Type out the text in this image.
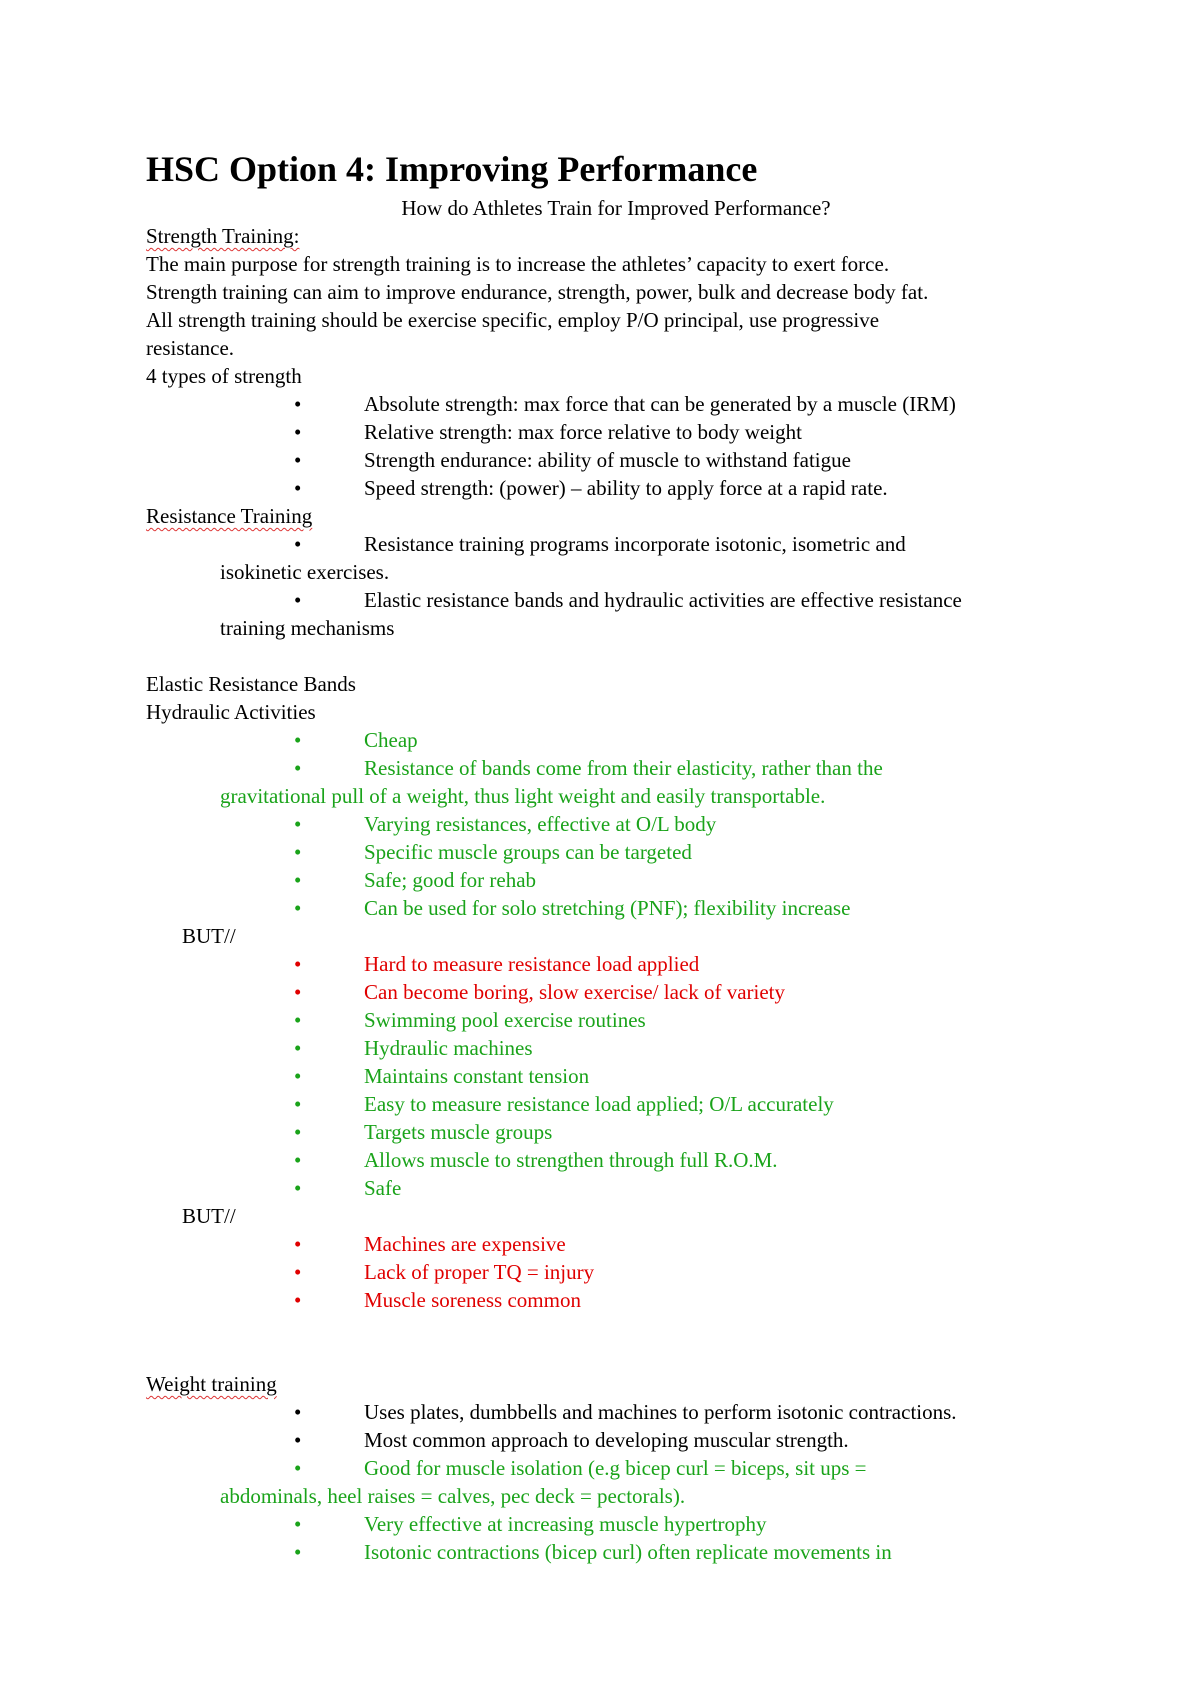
HSC Option 4: Improving Performance

How do Athletes Train for Improved Performance?

Strength Training:

The main purpose for strength training is to increase the athletes’ capacity to exert force.

Strength training can aim to improve endurance, strength, power, bulk and decrease body fat.

All strength training should be exercise specific, employ P/O principal, use progressive

resistance.

4 types of strength

•	Absolute strength: max force that can be generated by a muscle (IRM)
•	Relative strength: max force relative to body weight
•	Strength endurance: ability of muscle to withstand fatigue
•	Speed strength: (power) – ability to apply force at a rapid rate.

Resistance Training

•	Resistance training programs incorporate isotonic, isometric and
isokinetic exercises.
•	Elastic resistance bands and hydraulic activities are effective resistance
training mechanisms

Elastic Resistance Bands

Hydraulic Activities

•	Cheap
•	Resistance of bands come from their elasticity, rather than the
gravitational pull of a weight, thus light weight and easily transportable.
•	Varying resistances, effective at O/L body
•	Specific muscle groups can be targeted
•	Safe; good for rehab
•	Can be used for solo stretching (PNF); flexibility increase

BUT//

•	Hard to measure resistance load applied
•	Can become boring, slow exercise/ lack of variety
•	Swimming pool exercise routines
•	Hydraulic machines
•	Maintains constant tension
•	Easy to measure resistance load applied; O/L accurately
•	Targets muscle groups
•	Allows muscle to strengthen through full R.O.M.
•	Safe

BUT//

•	Machines are expensive
•	Lack of proper TQ = injury
•	Muscle soreness common

Weight training

•	Uses plates, dumbbells and machines to perform isotonic contractions.
•	Most common approach to developing muscular strength.
•	Good for muscle isolation (e.g bicep curl = biceps, sit ups =
abdominals, heel raises = calves, pec deck = pectorals).
•	Very effective at increasing muscle hypertrophy
•	Isotonic contractions (bicep curl) often replicate movements in
